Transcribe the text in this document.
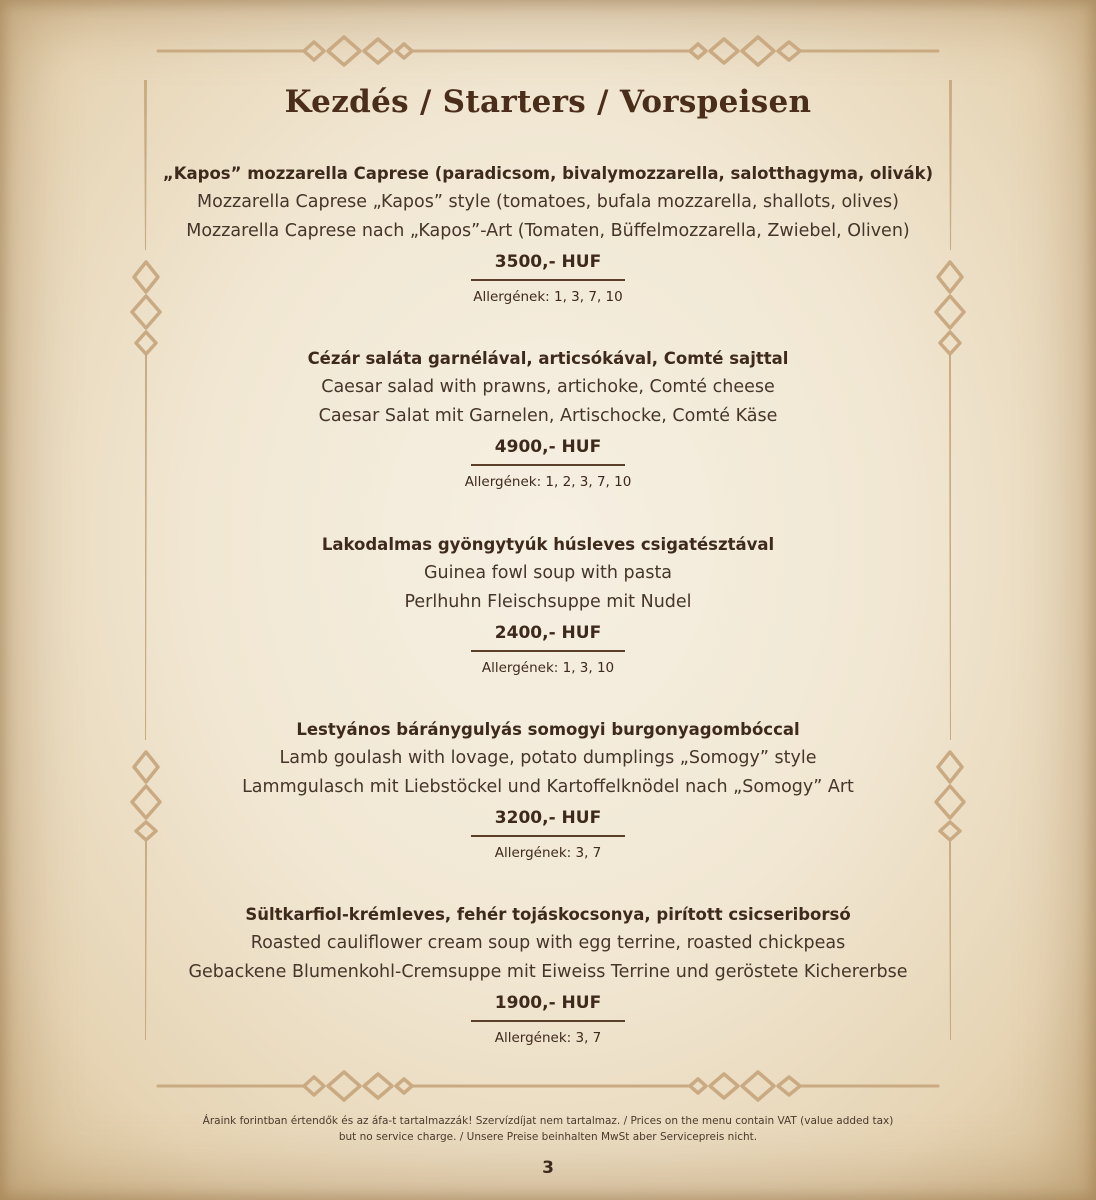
Kezdés / Starters / Vorspeisen
„Kapos” mozzarella Caprese (paradicsom, bivalymozzarella, salotthagyma, olivák)
Mozzarella Caprese „Kapos” style (tomatoes, bufala mozzarella, shallots, olives)
Mozzarella Caprese nach „Kapos”-Art (Tomaten, Büffelmozzarella, Zwiebel, Oliven)
3500,- HUF
Allergének: 1, 3, 7, 10
Cézár saláta garnélával, articsókával, Comté sajttal
Caesar salad with prawns, artichoke, Comté cheese
Caesar Salat mit Garnelen, Artischocke, Comté Käse
4900,- HUF
Allergének: 1, 2, 3, 7, 10
Lakodalmas gyöngytyúk húsleves csigatésztával
Guinea fowl soup with pasta
Perlhuhn Fleischsuppe mit Nudel
2400,- HUF
Allergének: 1, 3, 10
Lestyános báránygulyás somogyi burgonyagombóccal
Lamb goulash with lovage, potato dumplings „Somogy” style
Lammgulasch mit Liebstöckel und Kartoffelknödel nach „Somogy” Art
3200,- HUF
Allergének: 3, 7
Sültkarfiol-krémleves, fehér tojáskocsonya, pirított csicseriborsó
Roasted cauliflower cream soup with egg terrine, roasted chickpeas
Gebackene Blumenkohl-Cremsuppe mit Eiweiss Terrine und geröstete Kichererbse
1900,- HUF
Allergének: 3, 7
Áraink forintban értendők és az áfa-t tartalmazzák! Szervízdíjat nem tartalmaz. / Prices on the menu contain VAT (value added tax)
but no service charge. / Unsere Preise beinhalten MwSt aber Servicepreis nicht.
3
